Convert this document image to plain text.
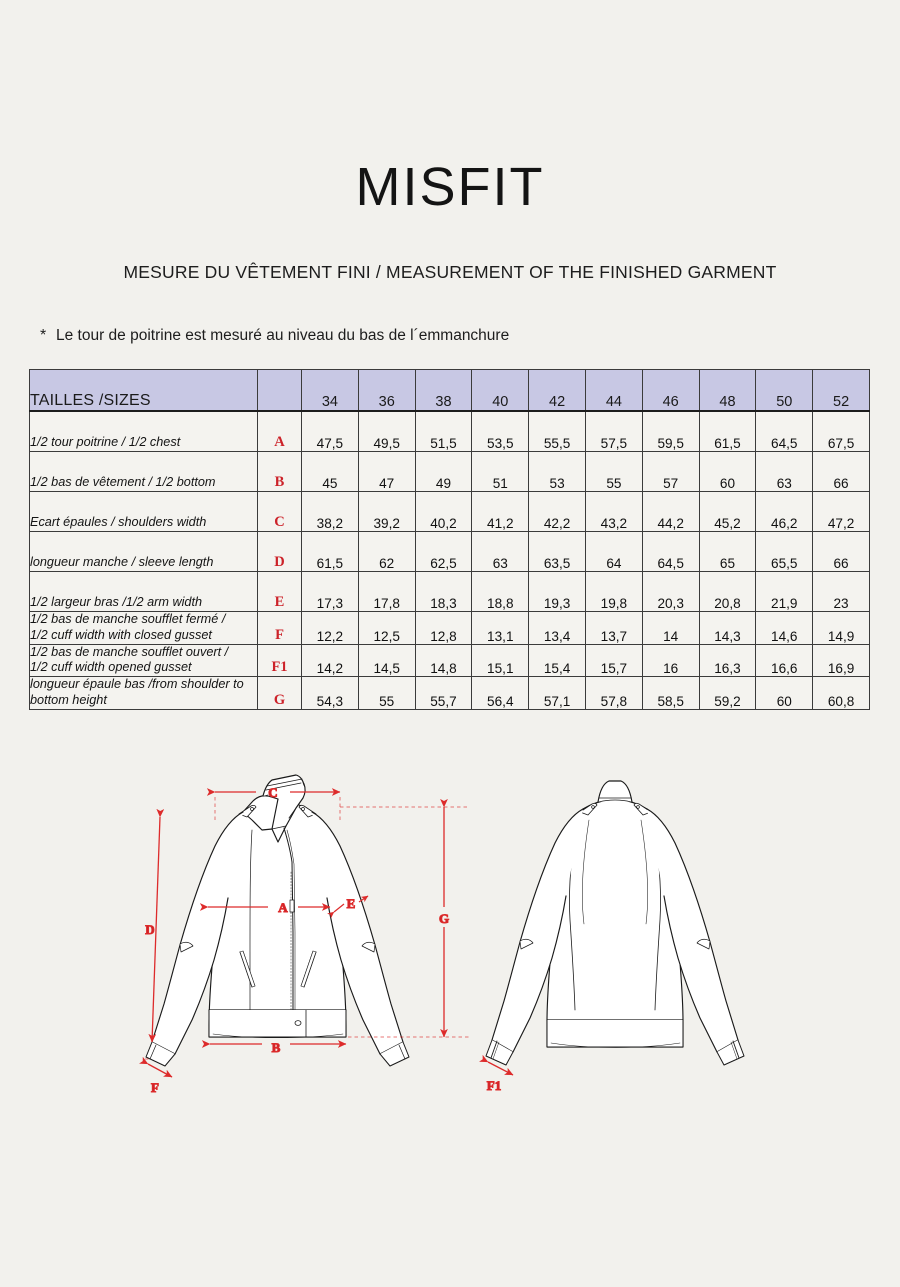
MISFIT
MESURE DU VÊTEMENT FINI / MEASUREMENT OF THE FINISHED GARMENT
* Le tour de poitrine est mesuré au niveau du bas de l´emmanchure
TAILLES /SIZES		34	36	38	40	42	44	46	48	50	52
1/2 tour poitrine / 1/2 chest	A	47,5	49,5	51,5	53,5	55,5	57,5	59,5	61,5	64,5	67,5
1/2 bas de vêtement / 1/2 bottom	B	45	47	49	51	53	55	57	60	63	66
Ecart épaules / shoulders width	C	38,2	39,2	40,2	41,2	42,2	43,2	44,2	45,2	46,2	47,2
longueur manche / sleeve length	D	61,5	62	62,5	63	63,5	64	64,5	65	65,5	66
1/2 largeur bras /1/2 arm width	E	17,3	17,8	18,3	18,8	19,3	19,8	20,3	20,8	21,9	23
1/2 bas de manche soufflet fermé /
1/2 cuff width with closed gusset	F	12,2	12,5	12,8	13,1	13,4	13,7	14	14,3	14,6	14,9
1/2 bas de manche soufflet ouvert /
1/2 cuff width opened gusset	F1	14,2	14,5	14,8	15,1	15,4	15,7	16	16,3	16,6	16,9
longueur épaule bas /from shoulder to
bottom height	G	54,3	55	55,7	56,4	57,1	57,8	58,5	59,2	60	60,8
C
A	E
D
F
B
G
F1
